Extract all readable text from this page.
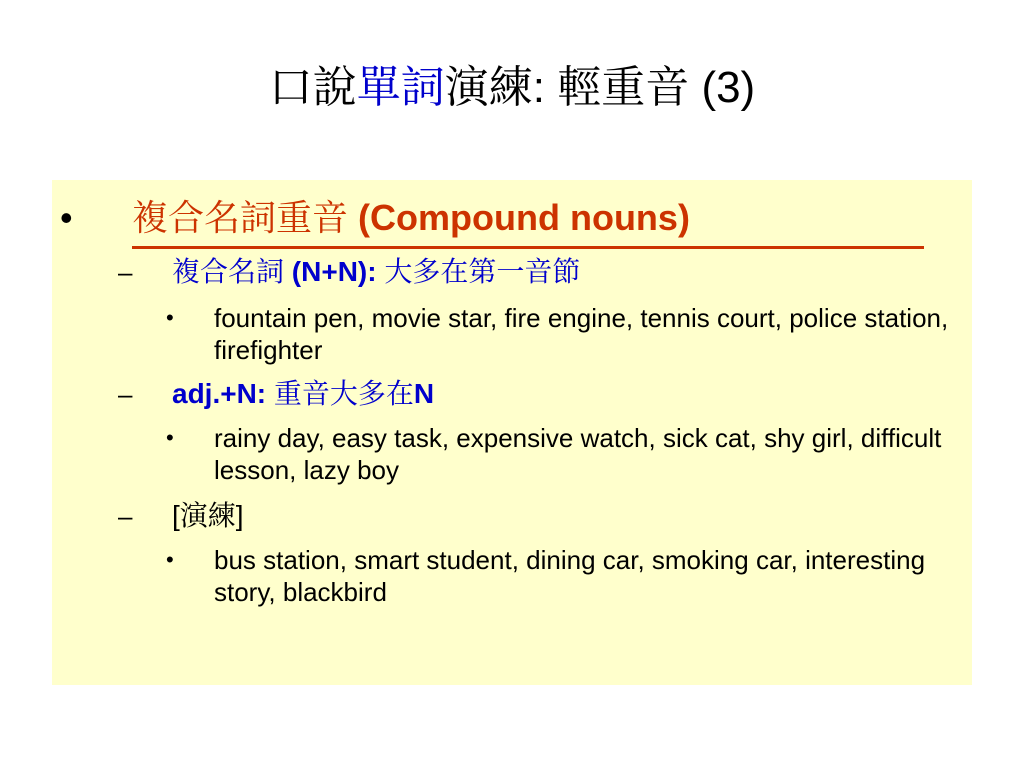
口說單詞演練: 輕重音 (3)
• 複合名詞重音 (Compound nouns)
– 複合名詞 (N+N): 大多在第一音節
• fountain pen, movie star, fire engine, tennis court, police station, firefighter
– adj.+N: 重音大多在N
• rainy day, easy task, expensive watch, sick cat, shy girl, difficult lesson, lazy boy
– [演練]
• bus station, smart student, dining car, smoking car, interesting story, blackbird
